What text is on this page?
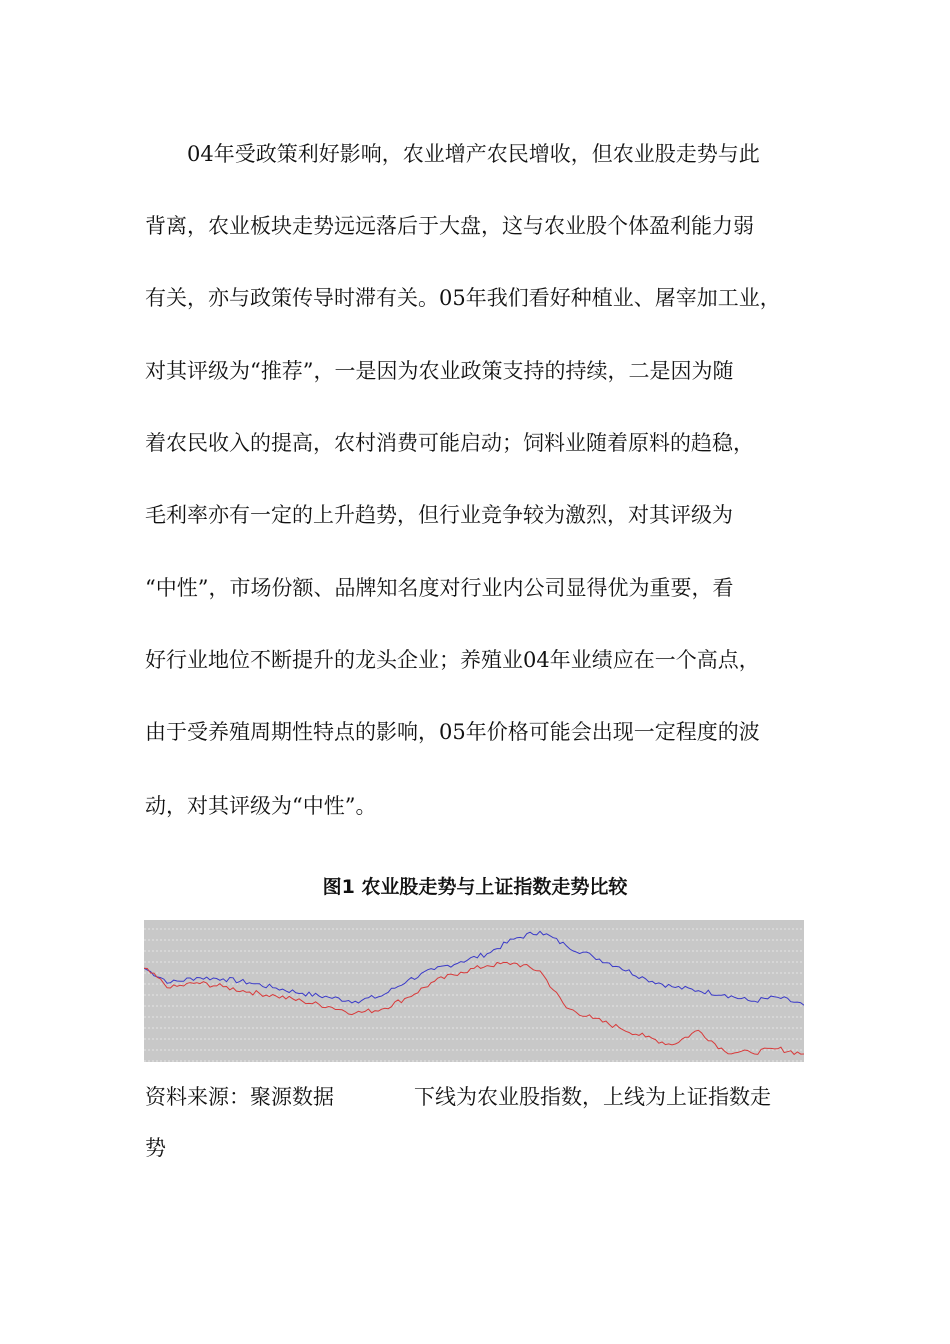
　　04年受政策利好影响，农业增产农民增收，但农业股走势与此
背离，农业板块走势远远落后于大盘，这与农业股个体盈利能力弱
有关，亦与政策传导时滞有关。05年我们看好种植业、屠宰加工业，
对其评级为“推荐”，一是因为农业政策支持的持续，二是因为随
着农民收入的提高，农村消费可能启动；饲料业随着原料的趋稳，
毛利率亦有一定的上升趋势，但行业竞争较为激烈，对其评级为
“中性”，市场份额、品牌知名度对行业内公司显得优为重要，看
好行业地位不断提升的龙头企业；养殖业04年业绩应在一个高点，
由于受养殖周期性特点的影响，05年价格可能会出现一定程度的波
动，对其评级为“中性”。
图1 农业股走势与上证指数走势比较
资料来源：聚源数据	下线为农业股指数，上线为上证指数走
势
